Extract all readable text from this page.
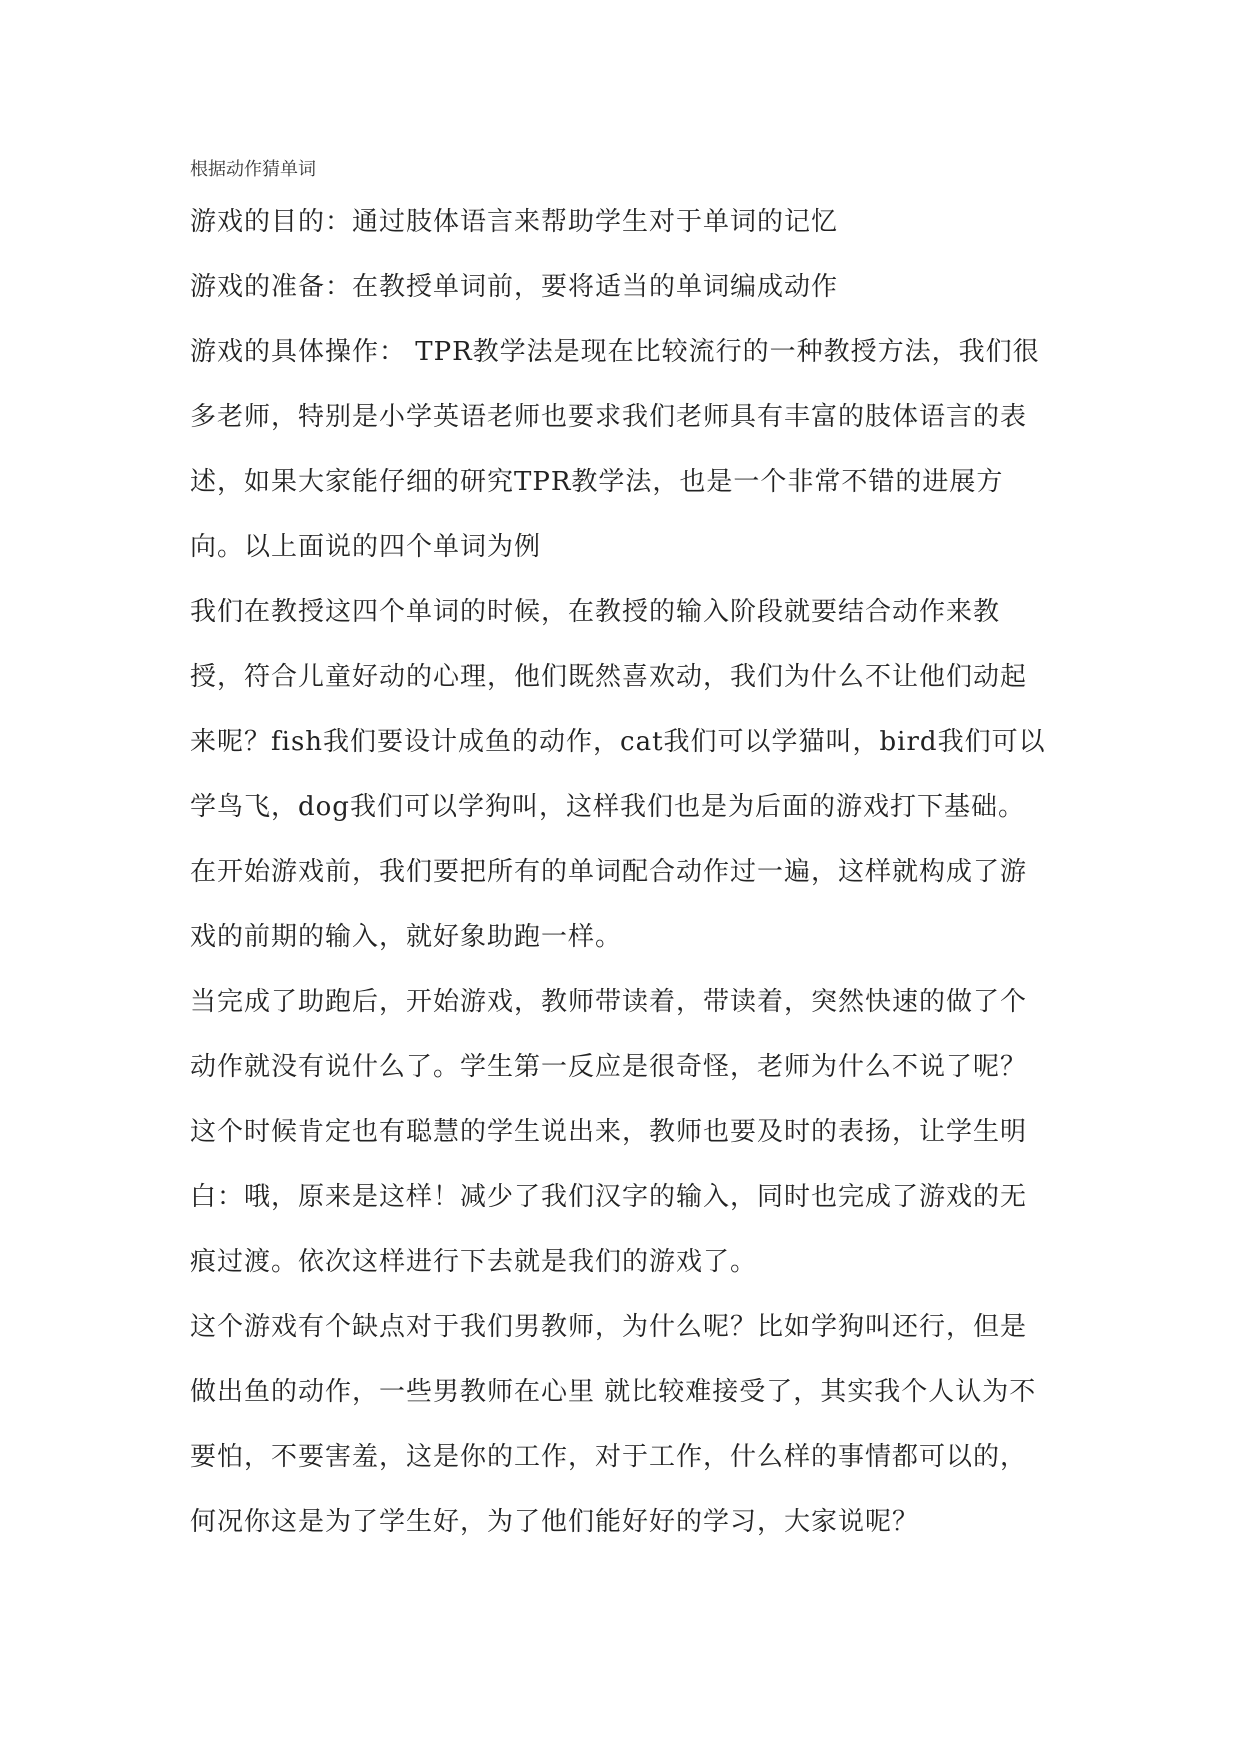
根据动作猜单词

游戏的目的：通过肢体语言来帮助学生对于单词的记忆

游戏的准备：在教授单词前，要将适当的单词编成动作

游戏的具体操作： TPR教学法是现在比较流行的一种教授方法，我们很多老师，特别是小学英语老师也要求我们老师具有丰富的肢体语言的表述，如果大家能仔细的研究TPR教学法，也是一个非常不错的进展方向。以上面说的四个单词为例

我们在教授这四个单词的时候，在教授的输入阶段就要结合动作来教授，符合儿童好动的心理，他们既然喜欢动，我们为什么不让他们动起来呢？fish我们要设计成鱼的动作，cat我们可以学猫叫，bird我们可以学鸟飞，dog我们可以学狗叫，这样我们也是为后面的游戏打下基础。

在开始游戏前，我们要把所有的单词配合动作过一遍，这样就构成了游戏的前期的输入，就好象助跑一样。

当完成了助跑后，开始游戏，教师带读着，带读着，突然快速的做了个动作就没有说什么了。学生第一反应是很奇怪，老师为什么不说了呢？这个时候肯定也有聪慧的学生说出来，教师也要及时的表扬，让学生明白：哦，原来是这样！减少了我们汉字的输入，同时也完成了游戏的无痕过渡。依次这样进行下去就是我们的游戏了。

这个游戏有个缺点对于我们男教师，为什么呢？比如学狗叫还行，但是做出鱼的动作，一些男教师在心里 就比较难接受了，其实我个人认为不要怕，不要害羞，这是你的工作，对于工作，什么样的事情都可以的，何况你这是为了学生好，为了他们能好好的学习，大家说呢？
